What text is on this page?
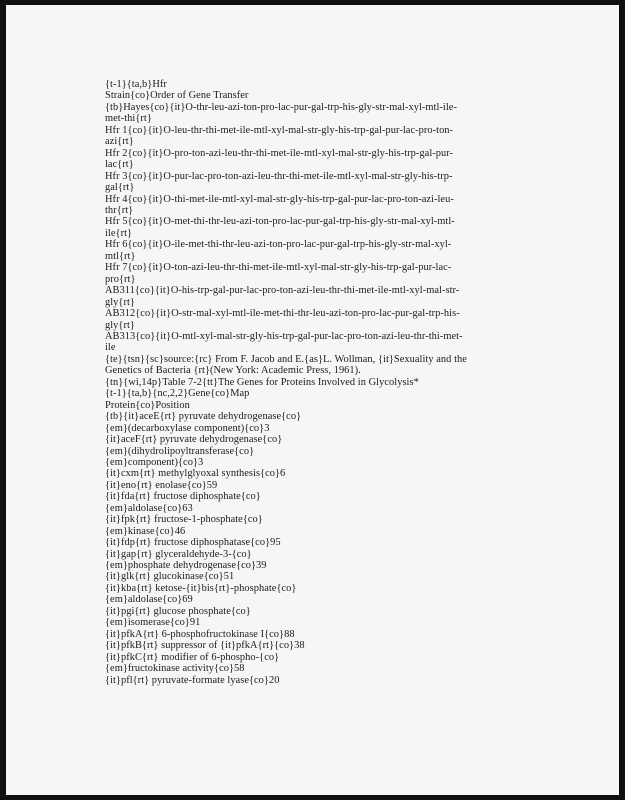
{t-1}{ta,b}Hfr
Strain{co}Order of Gene Transfer
{tb}Hayes{co}{it}O-thr-leu-azi-ton-pro-lac-pur-gal-trp-his-gly-str-mal-xyl-mtl-ile-
met-thi{rt}
Hfr 1{co}{it}O-leu-thr-thi-met-ile-mtl-xyl-mal-str-gly-his-trp-gal-pur-lac-pro-ton-
azi{rt}
Hfr 2{co}{it}O-pro-ton-azi-leu-thr-thi-met-ile-mtl-xyl-mal-str-gly-his-trp-gal-pur-
lac{rt}
Hfr 3{co}{it}O-pur-lac-pro-ton-azi-leu-thr-thi-met-ile-mtl-xyl-mal-str-gly-his-trp-
gal{rt}
Hfr 4{co}{it}O-thi-met-ile-mtl-xyl-mal-str-gly-his-trp-gal-pur-lac-pro-ton-azi-leu-
thr{rt}
Hfr 5{co}{it}O-met-thi-thr-leu-azi-ton-pro-lac-pur-gal-trp-his-gly-str-mal-xyl-mtl-
ile{rt}
Hfr 6{co}{it}O-ile-met-thi-thr-leu-azi-ton-pro-lac-pur-gal-trp-his-gly-str-mal-xyl-
mtl{rt}
Hfr 7{co}{it}O-ton-azi-leu-thr-thi-met-ile-mtl-xyl-mal-str-gly-his-trp-gal-pur-lac-
pro{rt}
AB311{co}{it}O-his-trp-gal-pur-lac-pro-ton-azi-leu-thr-thi-met-ile-mtl-xyl-mal-str-
gly{rt}
AB312{co}{it}O-str-mal-xyl-mtl-ile-met-thi-thr-leu-azi-ton-pro-lac-pur-gal-trp-his-
gly{rt}
AB313{co}{it}O-mtl-xyl-mal-str-gly-his-trp-gal-pur-lac-pro-ton-azi-leu-thr-thi-met-
ile
{te}{tsn}{sc}source:{rc} From F. Jacob and E.{as}L. Wollman, {it}Sexuality and the
Genetics of Bacteria {rt}(New York: Academic Press, 1961).
{tn}{wi,14p}Table 7-2{tt}The Genes for Proteins Involved in Glycolysis*
{t-1}{ta,b}{nc,2,2}Gene{co}Map
Protein{co}Position
{tb}{it}aceE{rt} pyruvate dehydrogenase{co}
{em}(decarboxylase component){co}3
{it}aceF{rt} pyruvate dehydrogenase{co}
{em}(dihydrolipoyltransferase{co}
{em}component){co}3
{it}cxm{rt} methylglyoxal synthesis{co}6
{it}eno{rt} enolase{co}59
{it}fda{rt} fructose diphosphate{co}
{em}aldolase{co}63
{it}fpk{rt} fructose-1-phosphate{co}
{em}kinase{co}46
{it}fdp{rt} fructose diphosphatase{co}95
{it}gap{rt} glyceraldehyde-3-{co}
{em}phosphate dehydrogenase{co}39
{it}glk{rt} glucokinase{co}51
{it}kba{rt} ketose-{it}bis{rt}-phosphate{co}
{em}aldolase{co}69
{it}pgi{rt} glucose phosphate{co}
{em}isomerase{co}91
{it}pfkA{rt} 6-phosphofructokinase I{co}88
{it}pfkB{rt} suppressor of {it}pfkA{rt}{co}38
{it}pfkC{rt} modifier of 6-phospho-{co}
{em}fructokinase activity{co}58
{it}pfl{rt} pyruvate-formate lyase{co}20
